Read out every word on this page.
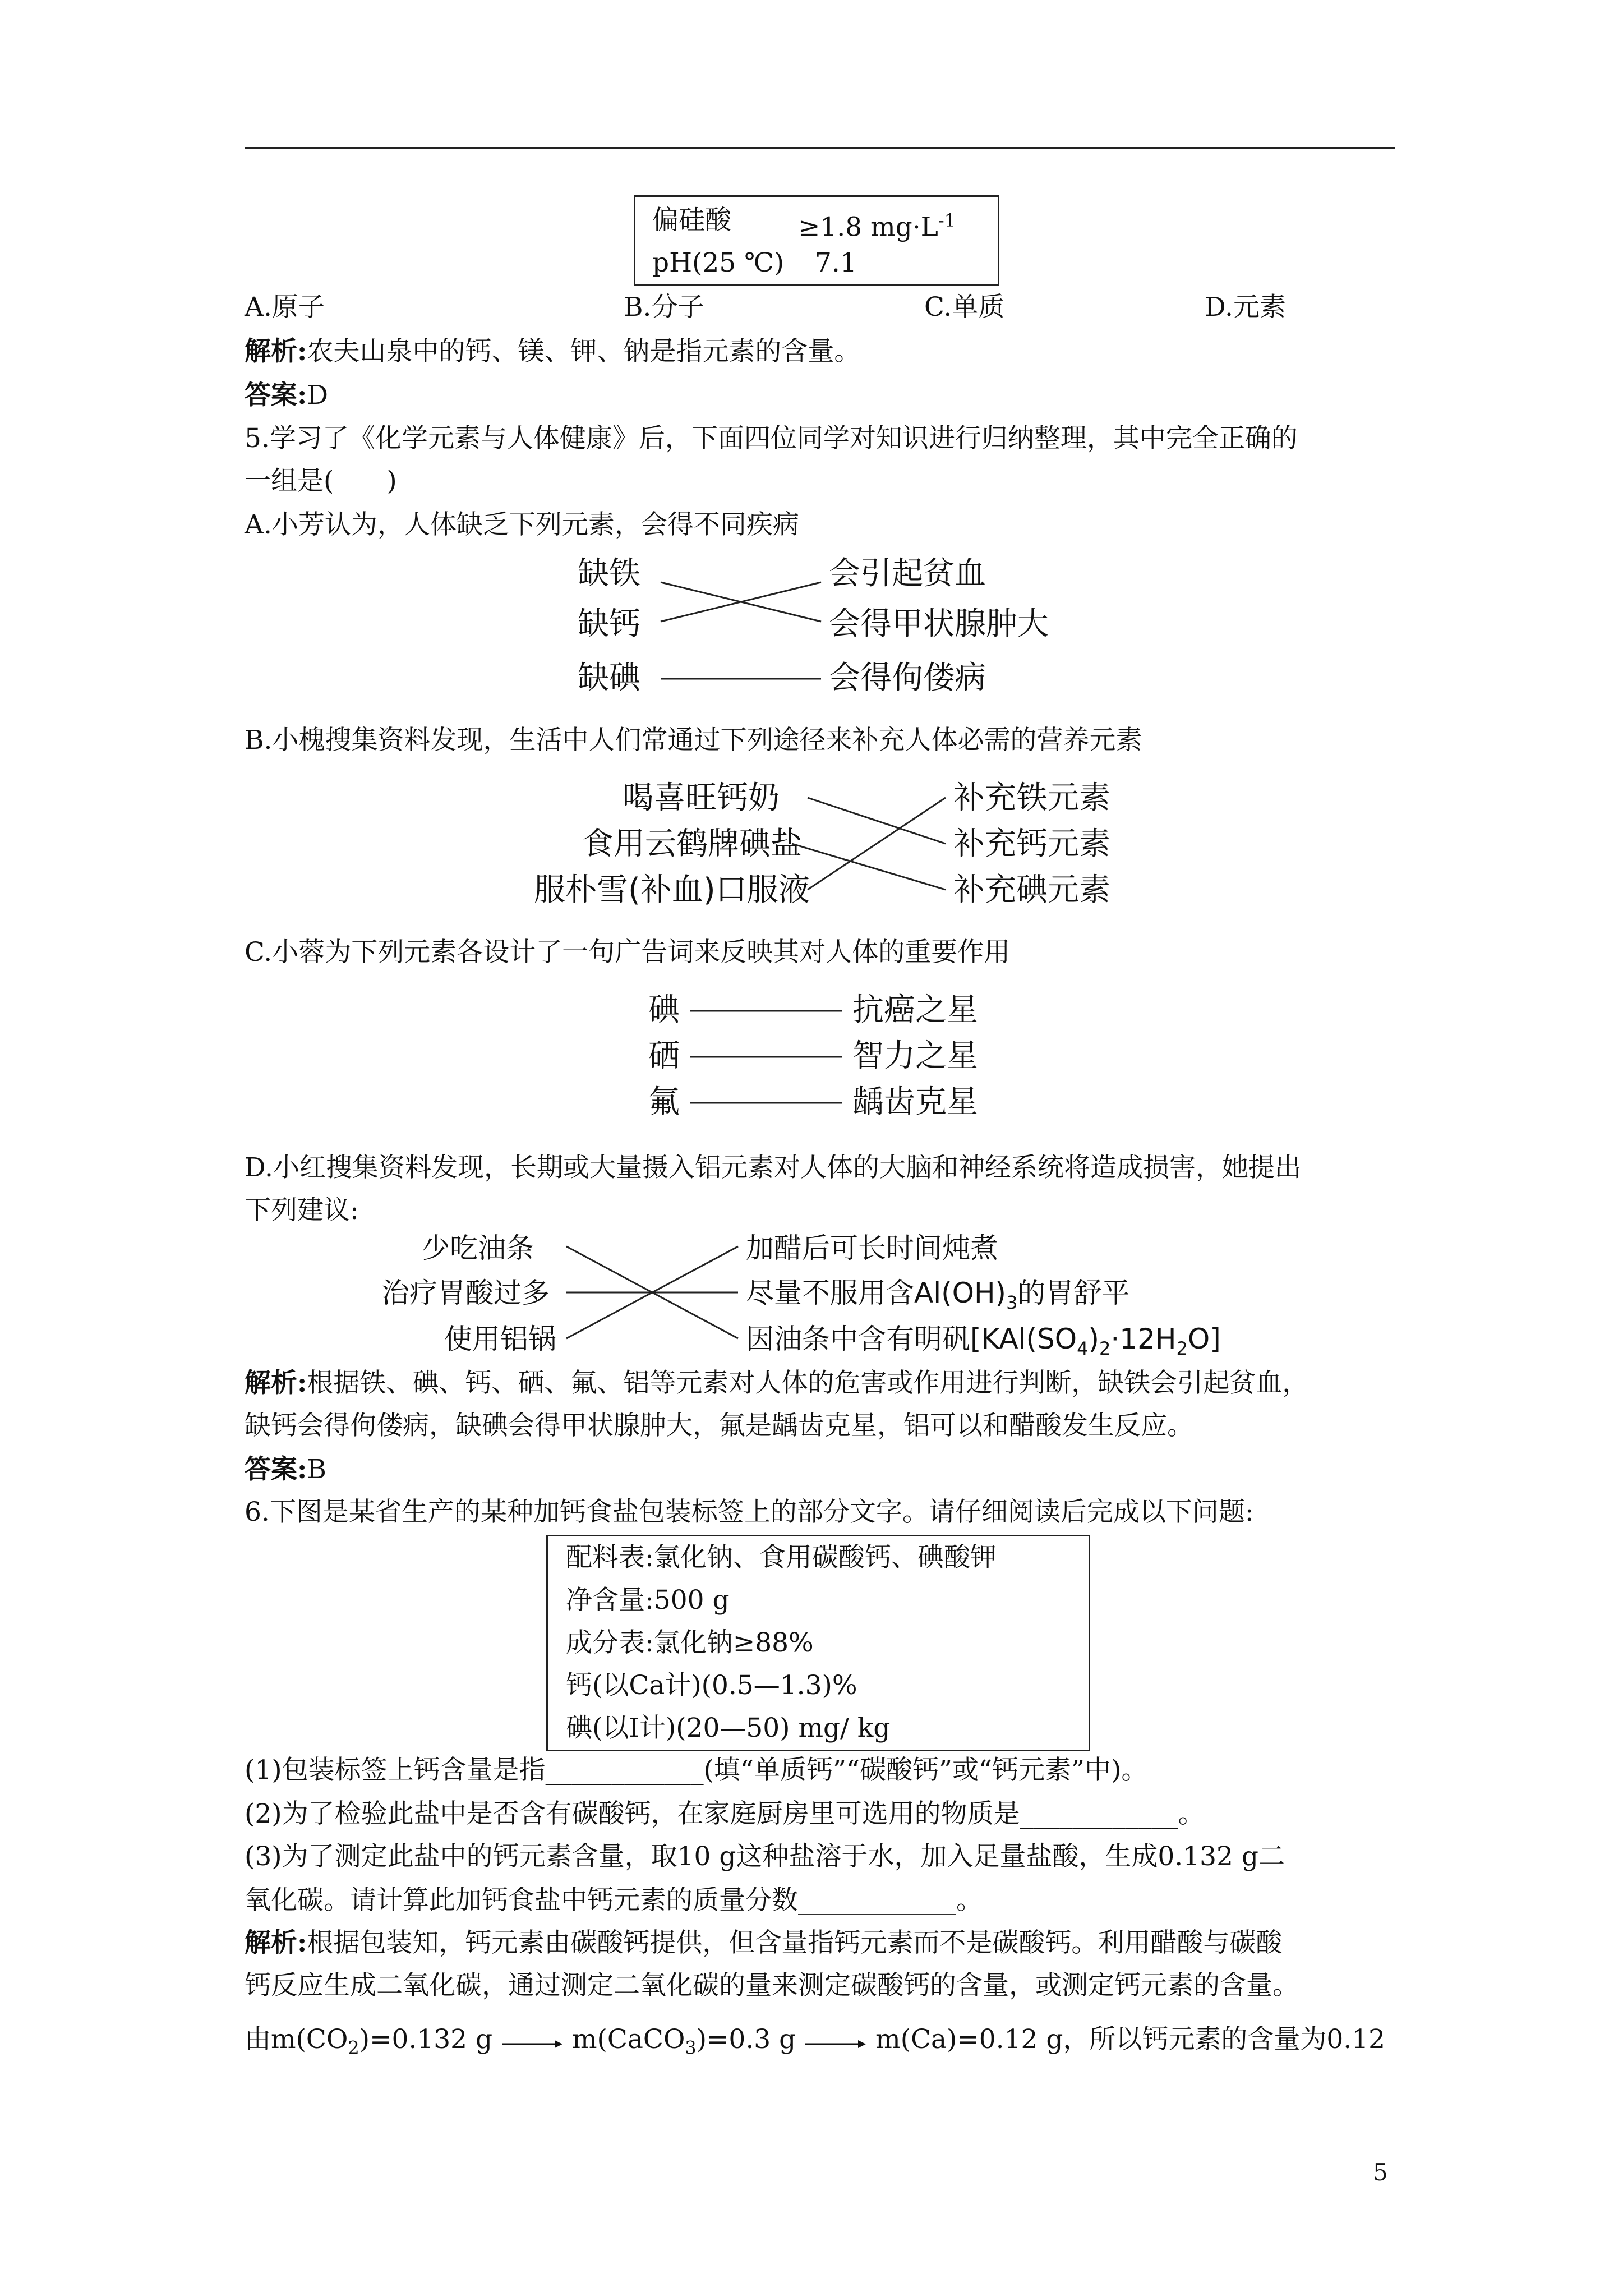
偏硅酸	≥1.8 $mg\cdot L^{-1}$
pH(25 ℃) 7.1
A.原子	B.分子	C.单质	D.元素
解析:农夫山泉中的钙、镁、钾、钠是指元素的含量。
答案:D
5.学习了《化学元素与人体健康》后，下面四位同学对知识进行归纳整理，其中完全正确的
一组是(　　)
A.小芳认为，人体缺乏下列元素，会得不同疾病
缺铁
缺钙
缺碘
会引起贫血
会得甲状腺肿大
会得佝偻病
B.小槐搜集资料发现，生活中人们常通过下列途径来补充人体必需的营养元素
喝喜旺钙奶
食用云鹤牌碘盐
服朴雪(补血)口服液
补充铁元素
补充钙元素
补充碘元素
C.小蓉为下列元素各设计了一句广告词来反映其对人体的重要作用
碘
硒
氟
抗癌之星
智力之星
龋齿克星
D.小红搜集资料发现，长期或大量摄入铝元素对人体的大脑和神经系统将造成损害，她提出
下列建议:
少吃油条
治疗胃酸过多
使用铝锅
加醋后可长时间炖煮
尽量不服用含$Al(OH)_3$的胃舒平
因油条中含有明矾$[KAl(SO_4)_2\cdot 12H_2O]$
解析:根据铁、碘、钙、硒、氟、铝等元素对人体的危害或作用进行判断，缺铁会引起贫血，
缺钙会得佝偻病，缺碘会得甲状腺肿大，氟是龋齿克星，铝可以和醋酸发生反应。
答案:B
6.下图是某省生产的某种加钙食盐包装标签上的部分文字。请仔细阅读后完成以下问题:
配料表:氯化钠、食用碳酸钙、碘酸钾
净含量:500 g
成分表:氯化钠≥88%
钙(以Ca计)(0.5—1.3)%
碘(以I计)(20—50) mg/ kg
(1)包装标签上钙含量是指____________(填“单质钙”“碳酸钙”或“钙元素”中)。
(2)为了检验此盐中是否含有碳酸钙，在家庭厨房里可选用的物质是____________。
(3)为了测定此盐中的钙元素含量，取10 g这种盐溶于水，加入足量盐酸，生成0.132 g二
氧化碳。请计算此加钙食盐中钙元素的质量分数____________。
解析:根据包装知，钙元素由碳酸钙提供，但含量指钙元素而不是碳酸钙。利用醋酸与碳酸
钙反应生成二氧化碳，通过测定二氧化碳的量来测定碳酸钙的含量，或测定钙元素的含量。
由$m(CO_2)=0.132$ g	m(CaCO$_3$)=0.3 g	m(Ca)=0.12 g，所以钙元素的含量为0.12
5
